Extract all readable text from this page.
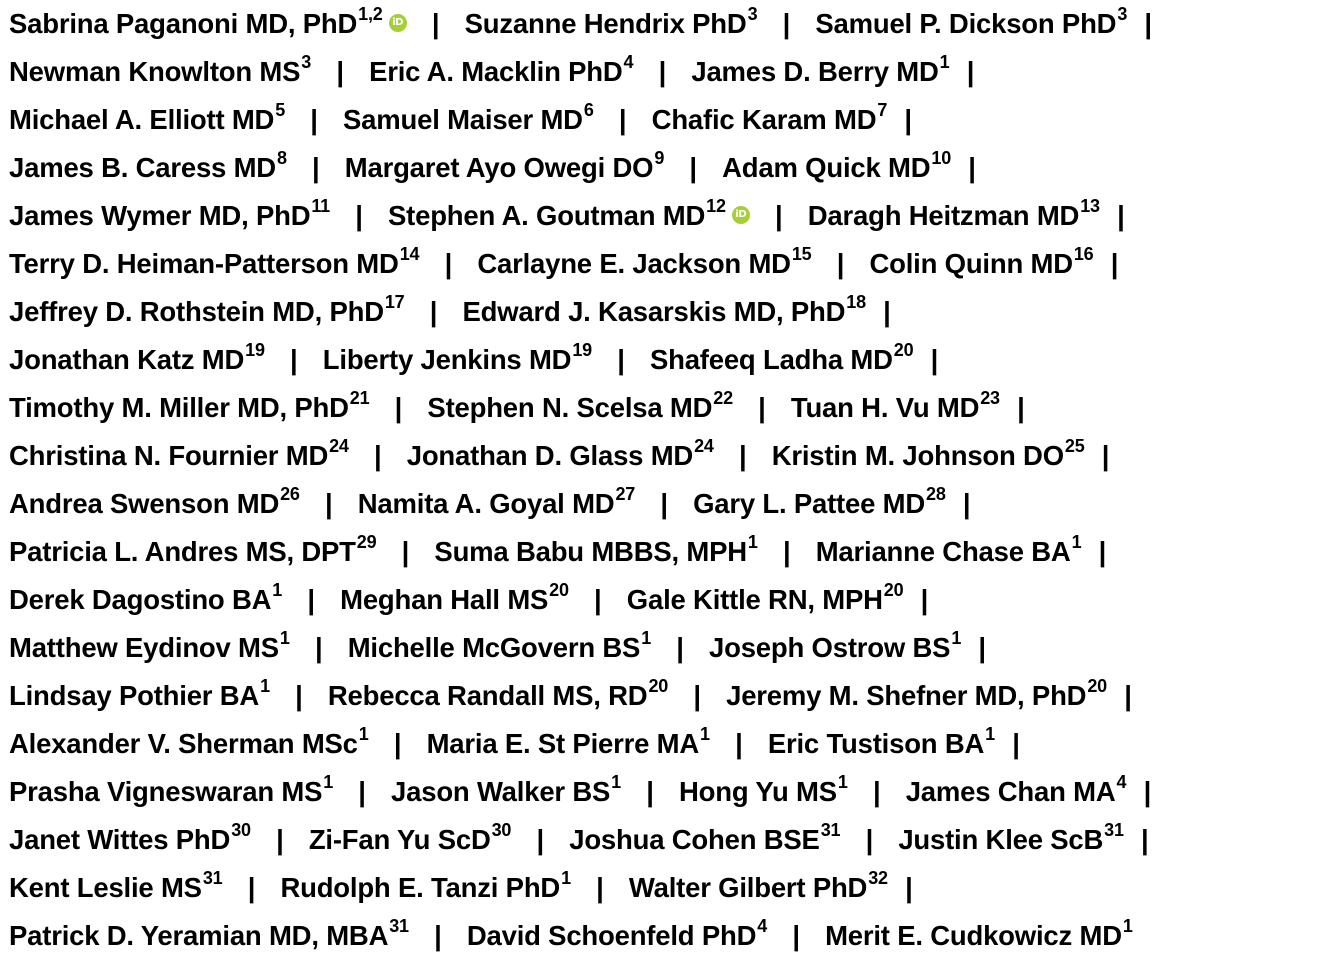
Sabrina Paganoni MD, PhD 1,2 iD | Suzanne Hendrix PhD 3 | Samuel P. Dickson PhD 3
|
Newman Knowlton MS 3 | Eric A. Macklin PhD 4 | James D. Berry MD 1
|
Michael A. Elliott MD 5 | Samuel Maiser MD 6 | Chafic Karam MD 7
|
James B. Caress MD 8 | Margaret Ayo Owegi DO 9 | Adam Quick MD 10
|
James Wymer MD, PhD 11 | Stephen A. Goutman MD 12 iD | Daragh Heitzman MD 13
|
Terry D. Heiman-Patterson MD 14 | Carlayne E. Jackson MD 15 | Colin Quinn MD 16
|
Jeffrey D. Rothstein MD, PhD 17 | Edward J. Kasarskis MD, PhD 18
|
Jonathan Katz MD 19 | Liberty Jenkins MD 19 | Shafeeq Ladha MD 20
|
Timothy M. Miller MD, PhD 21 | Stephen N. Scelsa MD 22 | Tuan H. Vu MD 23
|
Christina N. Fournier MD 24 | Jonathan D. Glass MD 24 | Kristin M. Johnson DO 25
|
Andrea Swenson MD 26 | Namita A. Goyal MD 27 | Gary L. Pattee MD 28
|
Patricia L. Andres MS, DPT 29 | Suma Babu MBBS, MPH 1 | Marianne Chase BA 1
|
Derek Dagostino BA 1 | Meghan Hall MS 20 | Gale Kittle RN, MPH 20
|
Matthew Eydinov MS 1 | Michelle McGovern BS 1 | Joseph Ostrow BS 1
|
Lindsay Pothier BA 1 | Rebecca Randall MS, RD 20 | Jeremy M. Shefner MD, PhD 20
|
Alexander V. Sherman MSc 1 | Maria E. St Pierre MA 1 | Eric Tustison BA 1
|
Prasha Vigneswaran MS 1 | Jason Walker BS 1 | Hong Yu MS 1 | James Chan MA 4
|
Janet Wittes PhD 30 | Zi-Fan Yu ScD 30 | Joshua Cohen BSE 31 | Justin Klee ScB 31
|
Kent Leslie MS 31 | Rudolph E. Tanzi PhD 1 | Walter Gilbert PhD 32
|
Patrick D. Yeramian MD, MBA 31 | David Schoenfeld PhD 4 | Merit E. Cudkowicz MD 1
